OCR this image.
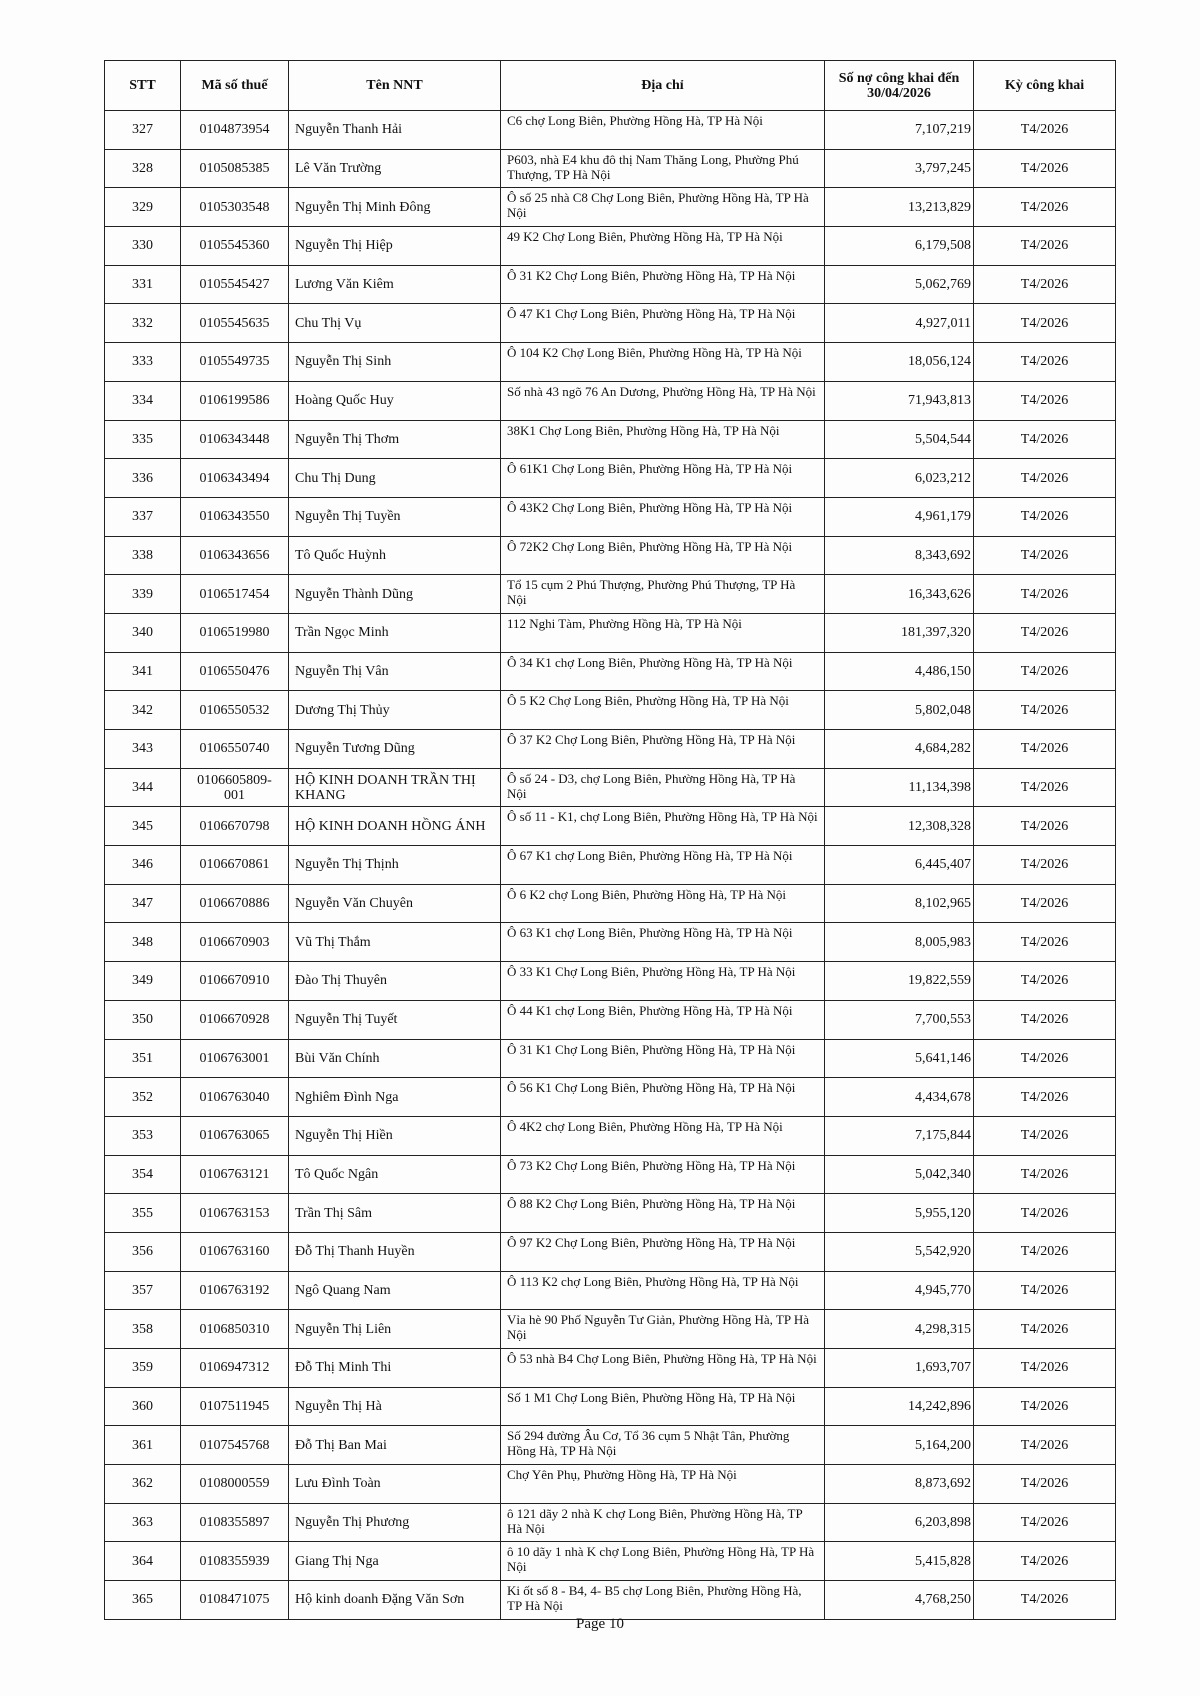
STT	Mã số thuế	Tên NNT	Địa chỉ	Số nợ công khai đến 30/04/2026	Kỳ công khai
327	0104873954	Nguyễn Thanh Hải	C6 chợ Long Biên, Phường Hồng Hà, TP Hà Nội	7,107,219	T4/2026
328	0105085385	Lê Văn Trường	P603, nhà E4 khu đô thị Nam Thăng Long, Phường Phú Thượng, TP Hà Nội	3,797,245	T4/2026
329	0105303548	Nguyễn Thị Minh Đông	Ô số 25 nhà C8 Chợ Long Biên, Phường Hồng Hà, TP Hà Nội	13,213,829	T4/2026
330	0105545360	Nguyễn Thị Hiệp	49 K2 Chợ Long Biên, Phường Hồng Hà, TP Hà Nội	6,179,508	T4/2026
331	0105545427	Lương Văn Kiêm	Ô 31 K2 Chợ Long Biên, Phường Hồng Hà, TP Hà Nội	5,062,769	T4/2026
332	0105545635	Chu Thị Vụ	Ô 47 K1 Chợ Long Biên, Phường Hồng Hà, TP Hà Nội	4,927,011	T4/2026
333	0105549735	Nguyễn Thị Sinh	Ô 104 K2 Chợ Long Biên, Phường Hồng Hà, TP Hà Nội	18,056,124	T4/2026
334	0106199586	Hoàng Quốc Huy	Số nhà 43 ngõ 76 An Dương, Phường Hồng Hà, TP Hà Nội	71,943,813	T4/2026
335	0106343448	Nguyễn Thị Thơm	38K1 Chợ Long Biên, Phường Hồng Hà, TP Hà Nội	5,504,544	T4/2026
336	0106343494	Chu Thị Dung	Ô 61K1 Chợ Long Biên, Phường Hồng Hà, TP Hà Nội	6,023,212	T4/2026
337	0106343550	Nguyễn Thị Tuyền	Ô 43K2 Chợ Long Biên, Phường Hồng Hà, TP Hà Nội	4,961,179	T4/2026
338	0106343656	Tô Quốc Huỳnh	Ô 72K2 Chợ Long Biên, Phường Hồng Hà, TP Hà Nội	8,343,692	T4/2026
339	0106517454	Nguyễn Thành Dũng	Tổ 15 cụm 2 Phú Thượng, Phường Phú Thượng, TP Hà Nội	16,343,626	T4/2026
340	0106519980	Trần Ngọc Minh	112 Nghi Tàm, Phường Hồng Hà, TP Hà Nội	181,397,320	T4/2026
341	0106550476	Nguyễn Thị Vân	Ô 34 K1 chợ Long Biên, Phường Hồng Hà, TP Hà Nội	4,486,150	T4/2026
342	0106550532	Dương Thị Thủy	Ô 5 K2 Chợ Long Biên, Phường Hồng Hà, TP Hà Nội	5,802,048	T4/2026
343	0106550740	Nguyễn Tương Dũng	Ô 37 K2 Chợ Long Biên, Phường Hồng Hà, TP Hà Nội	4,684,282	T4/2026
344	0106605809-001	HỘ KINH DOANH TRẦN THỊ KHANG	Ô số 24 - D3, chợ Long Biên, Phường Hồng Hà, TP Hà Nội	11,134,398	T4/2026
345	0106670798	HỘ KINH DOANH HỒNG ÁNH	Ô số 11 - K1, chợ Long Biên, Phường Hồng Hà, TP Hà Nội	12,308,328	T4/2026
346	0106670861	Nguyễn Thị Thịnh	Ô 67 K1 chợ Long Biên, Phường Hồng Hà, TP Hà Nội	6,445,407	T4/2026
347	0106670886	Nguyễn Văn Chuyên	Ô 6 K2 chợ Long Biên, Phường Hồng Hà, TP Hà Nội	8,102,965	T4/2026
348	0106670903	Vũ Thị Thắm	Ô 63 K1 chợ Long Biên, Phường Hồng Hà, TP Hà Nội	8,005,983	T4/2026
349	0106670910	Đào Thị Thuyên	Ô 33 K1 Chợ Long Biên, Phường Hồng Hà, TP Hà Nội	19,822,559	T4/2026
350	0106670928	Nguyễn Thị Tuyết	Ô 44 K1 chợ Long Biên, Phường Hồng Hà, TP Hà Nội	7,700,553	T4/2026
351	0106763001	Bùi Văn Chính	Ô 31 K1 Chợ Long Biên, Phường Hồng Hà, TP Hà Nội	5,641,146	T4/2026
352	0106763040	Nghiêm Đình Nga	Ô 56 K1 Chợ Long Biên, Phường Hồng Hà, TP Hà Nội	4,434,678	T4/2026
353	0106763065	Nguyễn Thị Hiền	Ô 4K2 chợ Long Biên, Phường Hồng Hà, TP Hà Nội	7,175,844	T4/2026
354	0106763121	Tô Quốc Ngân	Ô 73 K2 Chợ Long Biên, Phường Hồng Hà, TP Hà Nội	5,042,340	T4/2026
355	0106763153	Trần Thị Sâm	Ô 88 K2 Chợ Long Biên, Phường Hồng Hà, TP Hà Nội	5,955,120	T4/2026
356	0106763160	Đỗ Thị Thanh Huyền	Ô 97 K2 Chợ Long Biên, Phường Hồng Hà, TP Hà Nội	5,542,920	T4/2026
357	0106763192	Ngô Quang Nam	Ô 113 K2 chợ Long Biên, Phường Hồng Hà, TP Hà Nội	4,945,770	T4/2026
358	0106850310	Nguyễn Thị Liên	Vỉa hè 90 Phố Nguyễn Tư Giản, Phường Hồng Hà, TP Hà Nội	4,298,315	T4/2026
359	0106947312	Đỗ Thị Minh Thi	Ô 53 nhà B4 Chợ Long Biên, Phường Hồng Hà, TP Hà Nội	1,693,707	T4/2026
360	0107511945	Nguyễn Thị Hà	Số 1 M1 Chợ Long Biên, Phường Hồng Hà, TP Hà Nội	14,242,896	T4/2026
361	0107545768	Đỗ Thị Ban Mai	Số 294 đường Âu Cơ, Tổ 36 cụm 5 Nhật Tân, Phường Hồng Hà, TP Hà Nội	5,164,200	T4/2026
362	0108000559	Lưu Đình Toàn	Chợ Yên Phụ, Phường Hồng Hà, TP Hà Nội	8,873,692	T4/2026
363	0108355897	Nguyễn Thị Phương	ô 121 dãy 2 nhà K chợ Long Biên, Phường Hồng Hà, TP Hà Nội	6,203,898	T4/2026
364	0108355939	Giang Thị Nga	ô 10 dãy 1 nhà K chợ Long Biên, Phường Hồng Hà, TP Hà Nội	5,415,828	T4/2026
365	0108471075	Hộ kinh doanh Đặng Văn Sơn	Ki ốt số 8 - B4, 4- B5 chợ Long Biên, Phường Hồng Hà, TP Hà Nội	4,768,250	T4/2026
Page 10
